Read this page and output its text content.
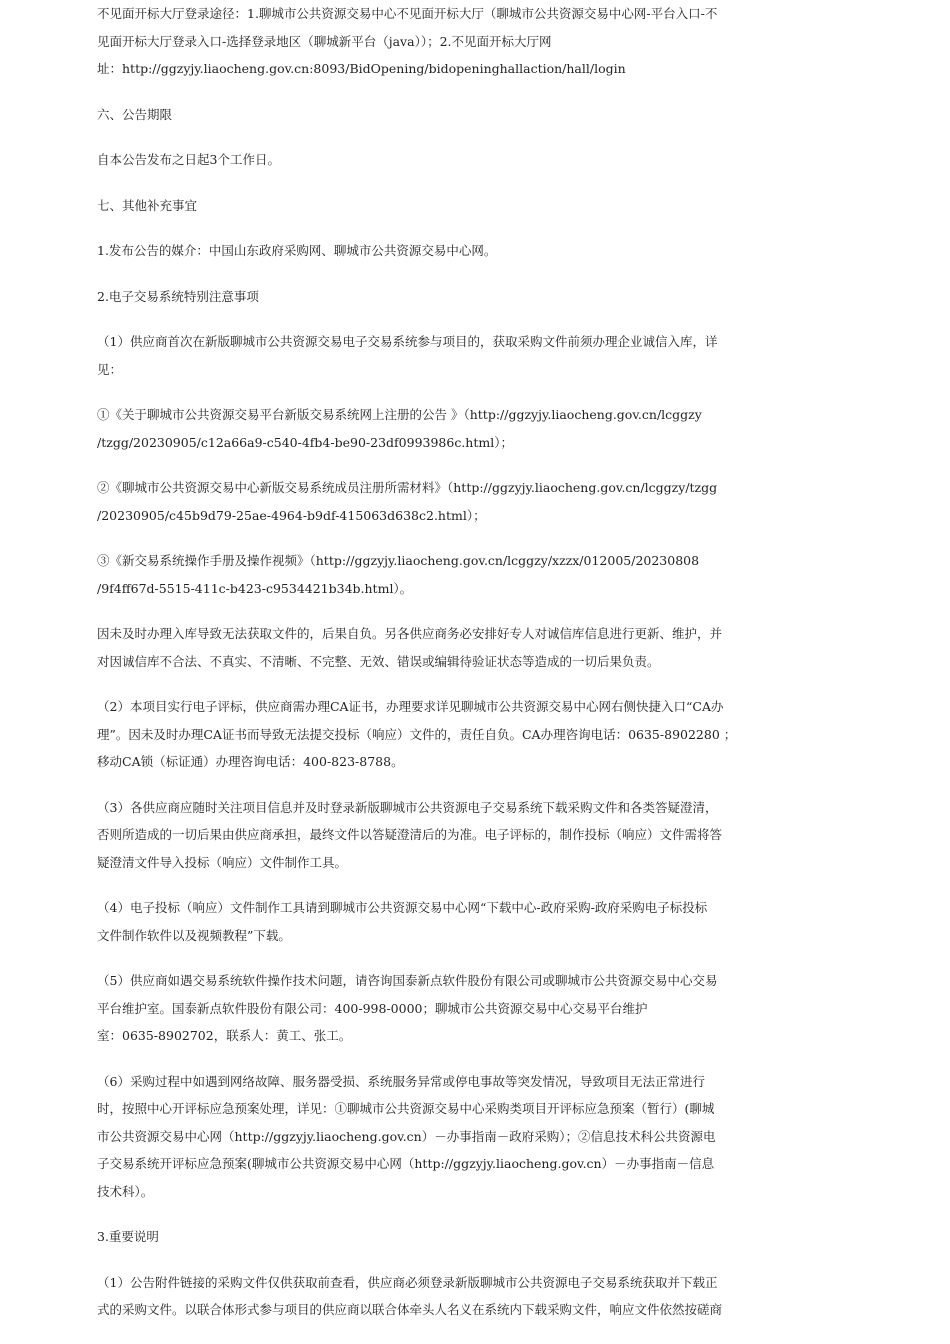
不见面开标大厅登录途径：1.聊城市公共资源交易中心不见面开标大厅（聊城市公共资源交易中心网-平台入口-不
见面开标大厅登录入口-选择登录地区（聊城新平台（java））；2.不见面开标大厅网
址：http://ggzyjy.liaocheng.gov.cn:8093/BidOpening/bidopeninghallaction/hall/login
六、公告期限
自本公告发布之日起3个工作日。
七、其他补充事宜
1.发布公告的媒介：中国山东政府采购网、聊城市公共资源交易中心网。
2.电子交易系统特别注意事项
（1）供应商首次在新版聊城市公共资源交易电子交易系统参与项目的，获取采购文件前须办理企业诚信入库，详
见：
①《关于聊城市公共资源交易平台新版交易系统网上注册的公告 》（http://ggzyjy.liaocheng.gov.cn/lcggzy
/tzgg/20230905/c12a66a9-c540-4fb4-be90-23df0993986c.html）；
②《聊城市公共资源交易中心新版交易系统成员注册所需材料》（http://ggzyjy.liaocheng.gov.cn/lcggzy/tzgg
/20230905/c45b9d79-25ae-4964-b9df-415063d638c2.html）；
③《新交易系统操作手册及操作视频》（http://ggzyjy.liaocheng.gov.cn/lcggzy/xzzx/012005/20230808
/9f4ff67d-5515-411c-b423-c9534421b34b.html）。
因未及时办理入库导致无法获取文件的，后果自负。另各供应商务必安排好专人对诚信库信息进行更新、维护，并
对因诚信库不合法、不真实、不清晰、不完整、无效、错误或编辑待验证状态等造成的一切后果负责。
（2）本项目实行电子评标，供应商需办理CA证书，办理要求详见聊城市公共资源交易中心网右侧快捷入口“CA办
理”。因未及时办理CA证书而导致无法提交投标（响应）文件的，责任自负。CA办理咨询电话：0635-8902280 ；
移动CA锁（标证通）办理咨询电话：400-823-8788。
（3）各供应商应随时关注项目信息并及时登录新版聊城市公共资源电子交易系统下载采购文件和各类答疑澄清，
否则所造成的一切后果由供应商承担，最终文件以答疑澄清后的为准。电子评标的，制作投标（响应）文件需将答
疑澄清文件导入投标（响应）文件制作工具。
（4）电子投标（响应）文件制作工具请到聊城市公共资源交易中心网“下载中心-政府采购-政府采购电子标投标
文件制作软件以及视频教程”下载。
（5）供应商如遇交易系统软件操作技术问题，请咨询国泰新点软件股份有限公司或聊城市公共资源交易中心交易
平台维护室。国泰新点软件股份有限公司：400-998-0000；聊城市公共资源交易中心交易平台维护
室：0635-8902702，联系人：黄工、张工。
（6）采购过程中如遇到网络故障、服务器受损、系统服务异常或停电事故等突发情况，导致项目无法正常进行
时，按照中心开评标应急预案处理，详见：①聊城市公共资源交易中心采购类项目开评标应急预案（暂行）(聊城
市公共资源交易中心网（http://ggzyjy.liaocheng.gov.cn）－办事指南－政府采购）；②信息技术科公共资源电
子交易系统开评标应急预案(聊城市公共资源交易中心网（http://ggzyjy.liaocheng.gov.cn）－办事指南－信息
技术科）。
3.重要说明
（1）公告附件链接的采购文件仅供获取前查看，供应商必须登录新版聊城市公共资源电子交易系统获取并下载正
式的采购文件。以联合体形式参与项目的供应商以联合体牵头人名义在系统内下载采购文件，响应文件依然按磋商
